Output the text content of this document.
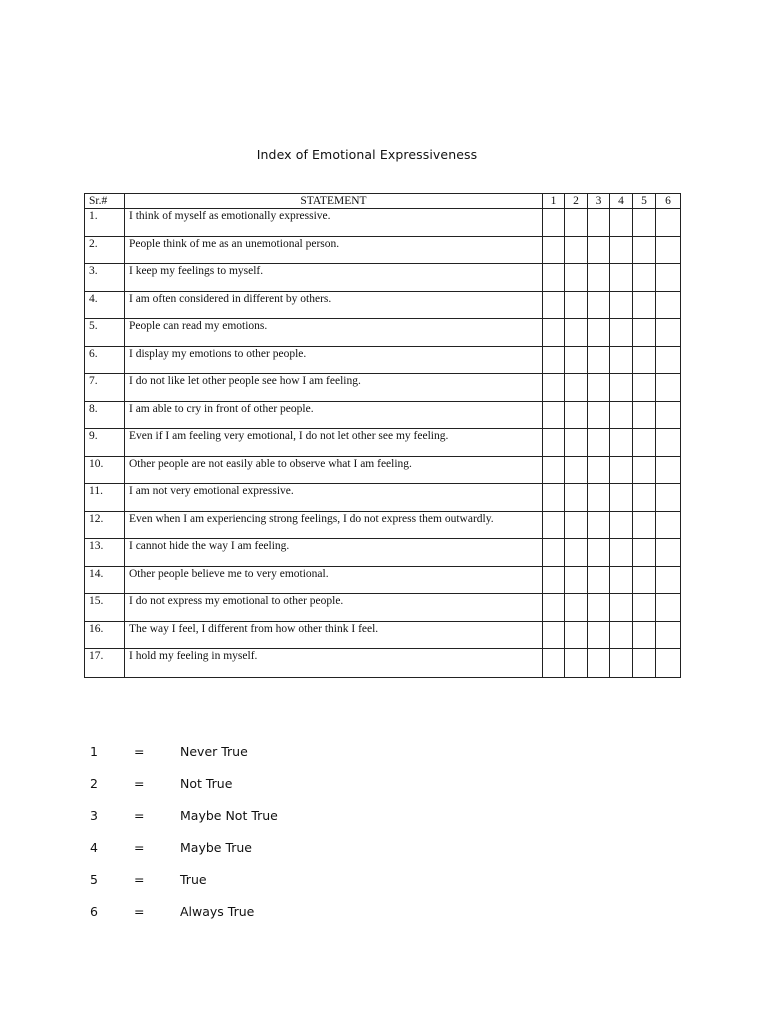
Index of Emotional Expressiveness
Sr.#	STATEMENT	1	2	3	4	5	6
1.	I think of myself as emotionally expressive.						
2.	People think of me as an unemotional person.						
3.	I keep my feelings to myself.						
4.	I am often considered in different by others.						
5.	People can read my emotions.						
6.	I display my emotions to other people.						
7.	I do not like let other people see how I am feeling.						
8.	I am able to cry in front of other people.						
9.	Even if I am feeling very emotional, I do not let other see my feeling.						
10.	Other people are not easily able to observe what I am feeling.						
11.	I am not very emotional expressive.						
12.	Even when I am experiencing strong feelings, I do not express them outwardly.						
13.	I cannot hide the way I am feeling.						
14.	Other people believe me to very emotional.						
15.	I do not express my emotional to other people.						
16.	The way I feel, I different from how other think I feel.						
17.	I hold my feeling in myself.						
1	=	Never True
2	=	Not True
3	=	Maybe Not True
4	=	Maybe True
5	=	True
6	=	Always True
